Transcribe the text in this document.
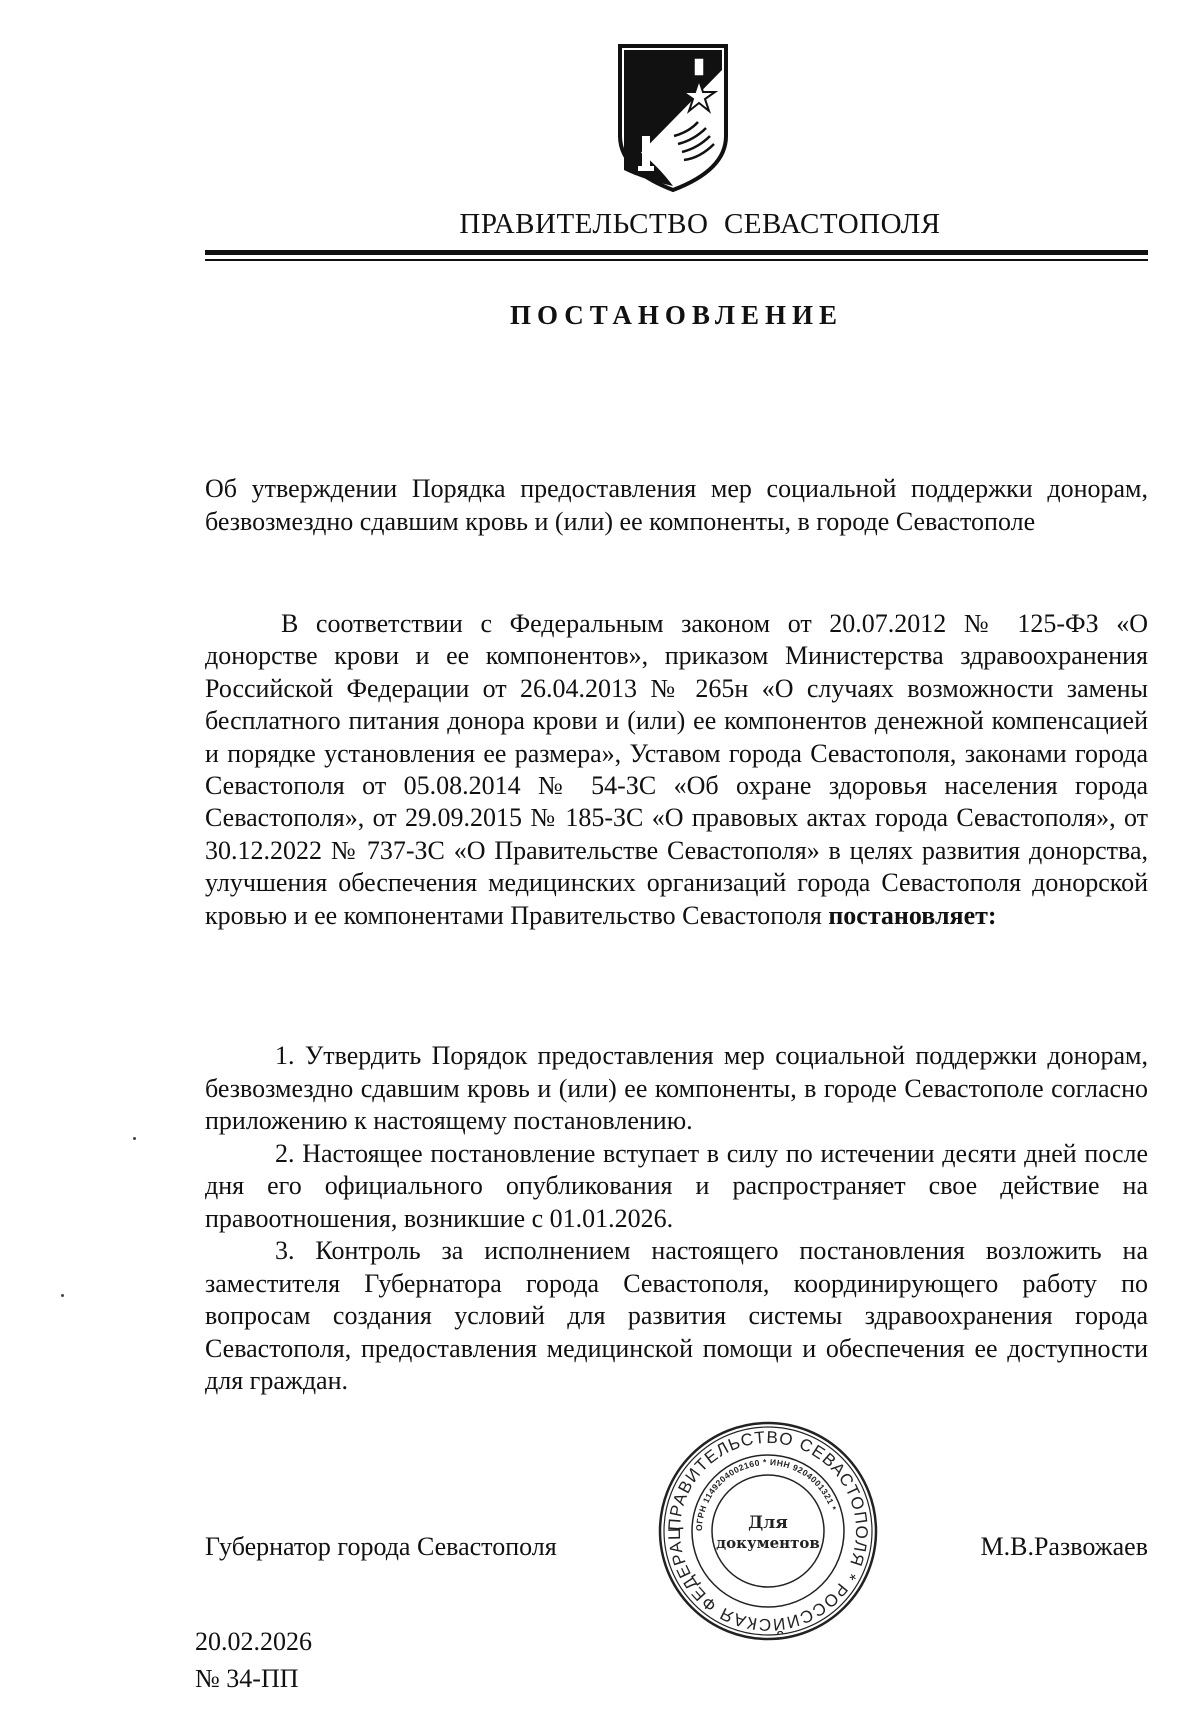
ПРАВИТЕЛЬСТВО  СЕВАСТОПОЛЯ
ПОСТАНОВЛЕНИЕ
Об утверждении Порядка предоставления мер социальной поддержки донорам, безвозмездно сдавшим кровь и (или) ее компоненты, в городе Севастополе
В соответствии с Федеральным законом от 20.07.2012 № 125-ФЗ «О донорстве крови и ее компонентов», приказом Министерства здравоохранения Российской Федерации от 26.04.2013 № 265н «О случаях возможности замены бесплатного питания донора крови и (или) ее компонентов денежной компенсацией и порядке установления ее размера», Уставом города Севастополя, законами города Севастополя от 05.08.2014 № 54-ЗС «Об охране здоровья населения города Севастополя», от 29.09.2015 № 185-ЗС «О правовых актах города Севастополя», от 30.12.2022 № 737-ЗС «О Правительстве Севастополя» в целях развития донорства, улучшения обеспечения медицинских организаций города Севастополя донорской кровью и ее компонентами Правительство Севастополя постановляет:

1. Утвердить Порядок предоставления мер социальной поддержки донорам, безвозмездно сдавшим кровь и (или) ее компоненты, в городе Севастополе согласно приложению к настоящему постановлению.

2. Настоящее постановление вступает в силу по истечении десяти дней после дня его официального опубликования и распространяет свое действие на правоотношения, возникшие с 01.01.2026.

3. Контроль за исполнением настоящего постановления возложить на заместителя Губернатора города Севастополя, координирующего работу по вопросам создания условий для развития системы здравоохранения города Севастополя, предоставления медицинской помощи и обеспечения ее доступности для граждан.

Губернатор города Севастополя	М.В.Развожаев
ПРАВИТЕЛЬСТВО СЕВАСТОПОЛЯ * РОССИЙСКАЯ ФЕДЕРАЦ	ОГРН 1149204002160 * ИНН 9204001321 *
Для
документов
20.02.2026
№ 34-ПП
